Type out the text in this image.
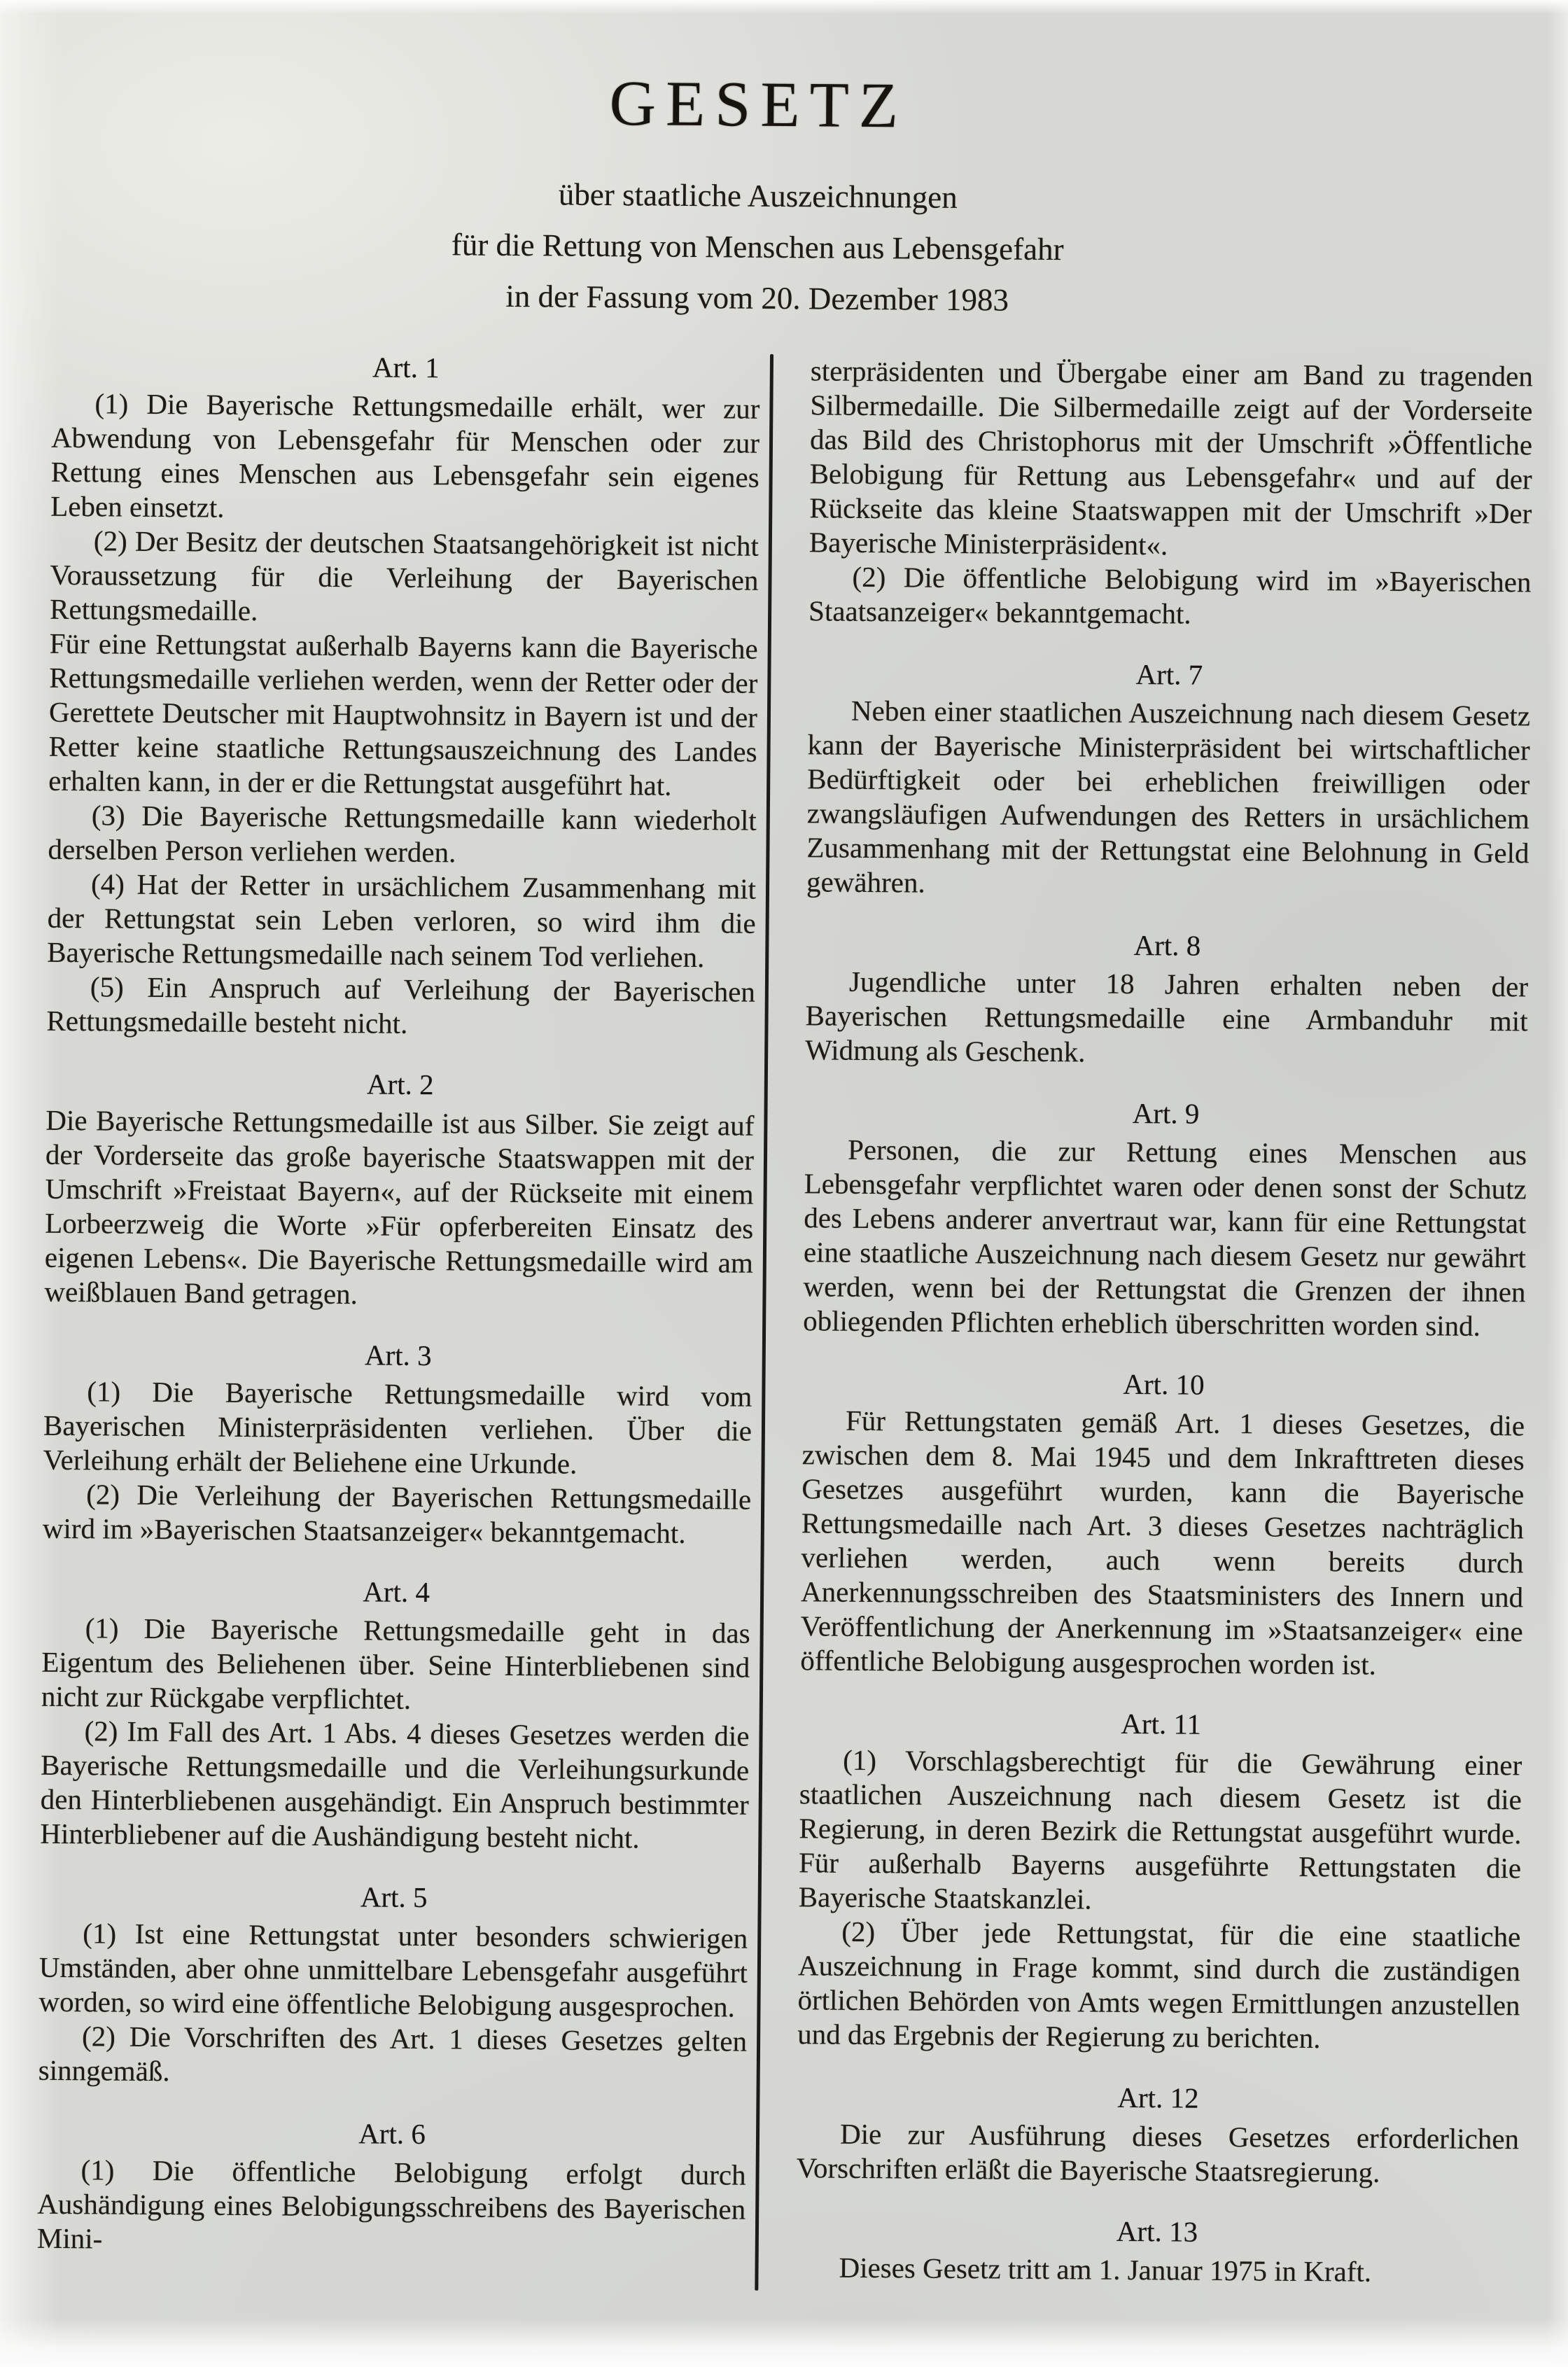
GESETZ
über staatliche Auszeichnungen
für die Rettung von Menschen aus Lebensgefahr
in der Fassung vom 20. Dezember 1983
Art. 1
(1) Die Bayerische Rettungsmedaille erhält, wer zur Abwendung von Lebensgefahr für Menschen oder zur Rettung eines Menschen aus Lebensgefahr sein eigenes Leben einsetzt.
(2) Der Besitz der deutschen Staatsangehörigkeit ist nicht Voraussetzung für die Verleihung der Bayerischen Rettungsmedaille.
Für eine Rettungstat außerhalb Bayerns kann die Bayerische Rettungsmedaille verliehen werden, wenn der Retter oder der Gerettete Deutscher mit Hauptwohnsitz in Bayern ist und der Retter keine staatliche Rettungsauszeichnung des Landes erhalten kann, in der er die Rettungstat ausgeführt hat.
(3) Die Bayerische Rettungsmedaille kann wiederholt derselben Person verliehen werden.
(4) Hat der Retter in ursächlichem Zusammenhang mit der Rettungstat sein Leben verloren, so wird ihm die Bayerische Rettungsmedaille nach seinem Tod verliehen.
(5) Ein Anspruch auf Verleihung der Bayerischen Rettungsmedaille besteht nicht.
Art. 2
Die Bayerische Rettungsmedaille ist aus Silber. Sie zeigt auf der Vorderseite das große bayerische Staatswappen mit der Umschrift »Freistaat Bayern«, auf der Rückseite mit einem Lorbeerzweig die Worte »Für opferbereiten Einsatz des eigenen Lebens«. Die Bayerische Rettungsmedaille wird am weißblauen Band getragen.
Art. 3
(1) Die Bayerische Rettungsmedaille wird vom Bayerischen Ministerpräsidenten verliehen. Über die Verleihung erhält der Beliehene eine Urkunde.
(2) Die Verleihung der Bayerischen Rettungsmedaille wird im »Bayerischen Staatsanzeiger« bekanntgemacht.
Art. 4
(1) Die Bayerische Rettungsmedaille geht in das Eigentum des Beliehenen über. Seine Hinterbliebenen sind nicht zur Rückgabe verpflichtet.
(2) Im Fall des Art. 1 Abs. 4 dieses Gesetzes werden die Bayerische Rettungsmedaille und die Verleihungsurkunde den Hinterbliebenen ausgehändigt. Ein Anspruch bestimmter Hinterbliebener auf die Aushändigung besteht nicht.
Art. 5
(1) Ist eine Rettungstat unter besonders schwierigen Umständen, aber ohne unmittelbare Lebensgefahr ausgeführt worden, so wird eine öffentliche Belobigung ausgesprochen.
(2) Die Vorschriften des Art. 1 dieses Gesetzes gelten sinngemäß.
Art. 6
(1) Die öffentliche Belobigung erfolgt durch Aushändigung eines Belobigungsschreibens des Bayerischen Mini-
sterpräsidenten und Übergabe einer am Band zu tragenden Silbermedaille. Die Silbermedaille zeigt auf der Vorderseite das Bild des Christophorus mit der Umschrift »Öffentliche Belobigung für Rettung aus Lebensgefahr« und auf der Rückseite das kleine Staatswappen mit der Umschrift »Der Bayerische Ministerpräsident«.
(2) Die öffentliche Belobigung wird im »Bayerischen Staatsanzeiger« bekanntgemacht.
Art. 7
Neben einer staatlichen Auszeichnung nach diesem Gesetz kann der Bayerische Ministerpräsident bei wirtschaftlicher Bedürftigkeit oder bei erheblichen freiwilligen oder zwangsläufigen Aufwendungen des Retters in ursächlichem Zusammenhang mit der Rettungstat eine Belohnung in Geld gewähren.
Art. 8
Jugendliche unter 18 Jahren erhalten neben der Bayerischen Rettungsmedaille eine Armbanduhr mit Widmung als Geschenk.
Art. 9
Personen, die zur Rettung eines Menschen aus Lebensgefahr verpflichtet waren oder denen sonst der Schutz des Lebens anderer anvertraut war, kann für eine Rettungstat eine staatliche Auszeichnung nach diesem Gesetz nur gewährt werden, wenn bei der Rettungstat die Grenzen der ihnen obliegenden Pflichten erheblich überschritten worden sind.
Art. 10
Für Rettungstaten gemäß Art. 1 dieses Gesetzes, die zwischen dem 8. Mai 1945 und dem Inkrafttreten dieses Gesetzes ausgeführt wurden, kann die Bayerische Rettungsmedaille nach Art. 3 dieses Gesetzes nachträglich verliehen werden, auch wenn bereits durch Anerkennungsschreiben des Staatsministers des Innern und Veröffentlichung der Anerkennung im »Staatsanzeiger« eine öffentliche Belobigung ausgesprochen worden ist.
Art. 11
(1) Vorschlagsberechtigt für die Gewährung einer staatlichen Auszeichnung nach diesem Gesetz ist die Regierung, in deren Bezirk die Rettungstat ausgeführt wurde. Für außerhalb Bayerns ausgeführte Rettungstaten die Bayerische Staatskanzlei.
(2) Über jede Rettungstat, für die eine staatliche Auszeichnung in Frage kommt, sind durch die zuständigen örtlichen Behörden von Amts wegen Ermittlungen anzustellen und das Ergebnis der Regierung zu berichten.
Art. 12
Die zur Ausführung dieses Gesetzes erforderlichen Vorschriften erläßt die Bayerische Staatsregierung.
Art. 13
Dieses Gesetz tritt am 1. Januar 1975 in Kraft.
